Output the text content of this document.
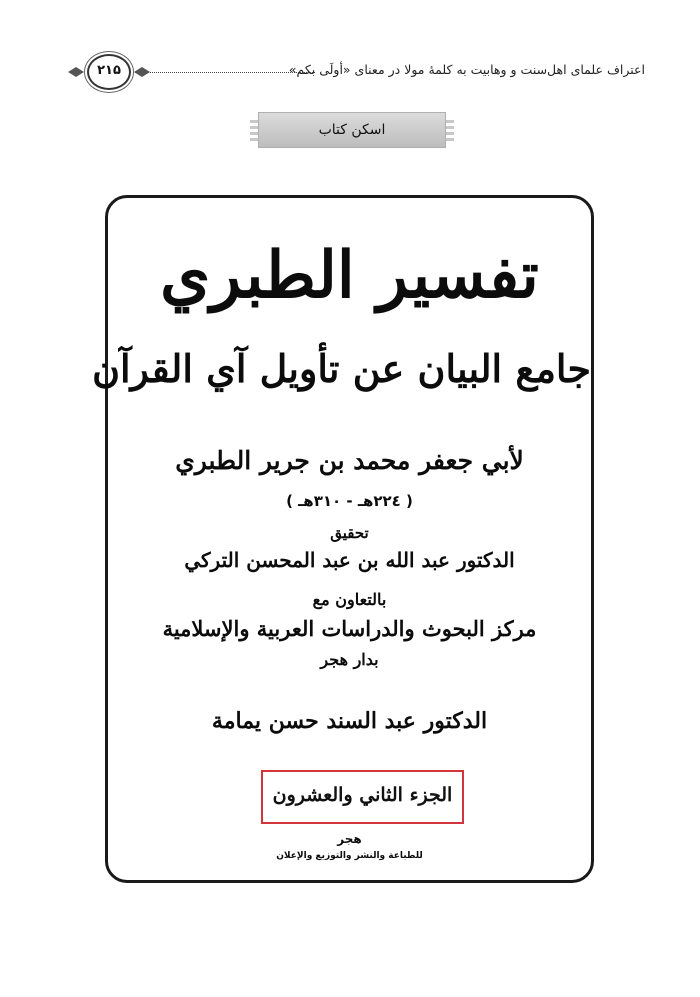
اعتراف علمای اهل‌سنت و وهابیت به کلمۀ مولا در معنای «أولَی بکم»
۲۱۵
اسکن کتاب
تفسير الطبري
جامع البيان عن تأويل آي القرآن
لأبي جعفر محمد بن جرير الطبري
( ٢٢٤هـ - ٣١٠هـ )
تحقيق
الدكتور عبد الله بن عبد المحسن التركي
بالتعاون مع
مركز البحوث والدراسات العربية والإسلامية
بدار هجر
الدكتور عبد السند حسن يمامة
الجزء الثاني والعشرون
هجر
للطباعة والنشر والتوزيع والإعلان
